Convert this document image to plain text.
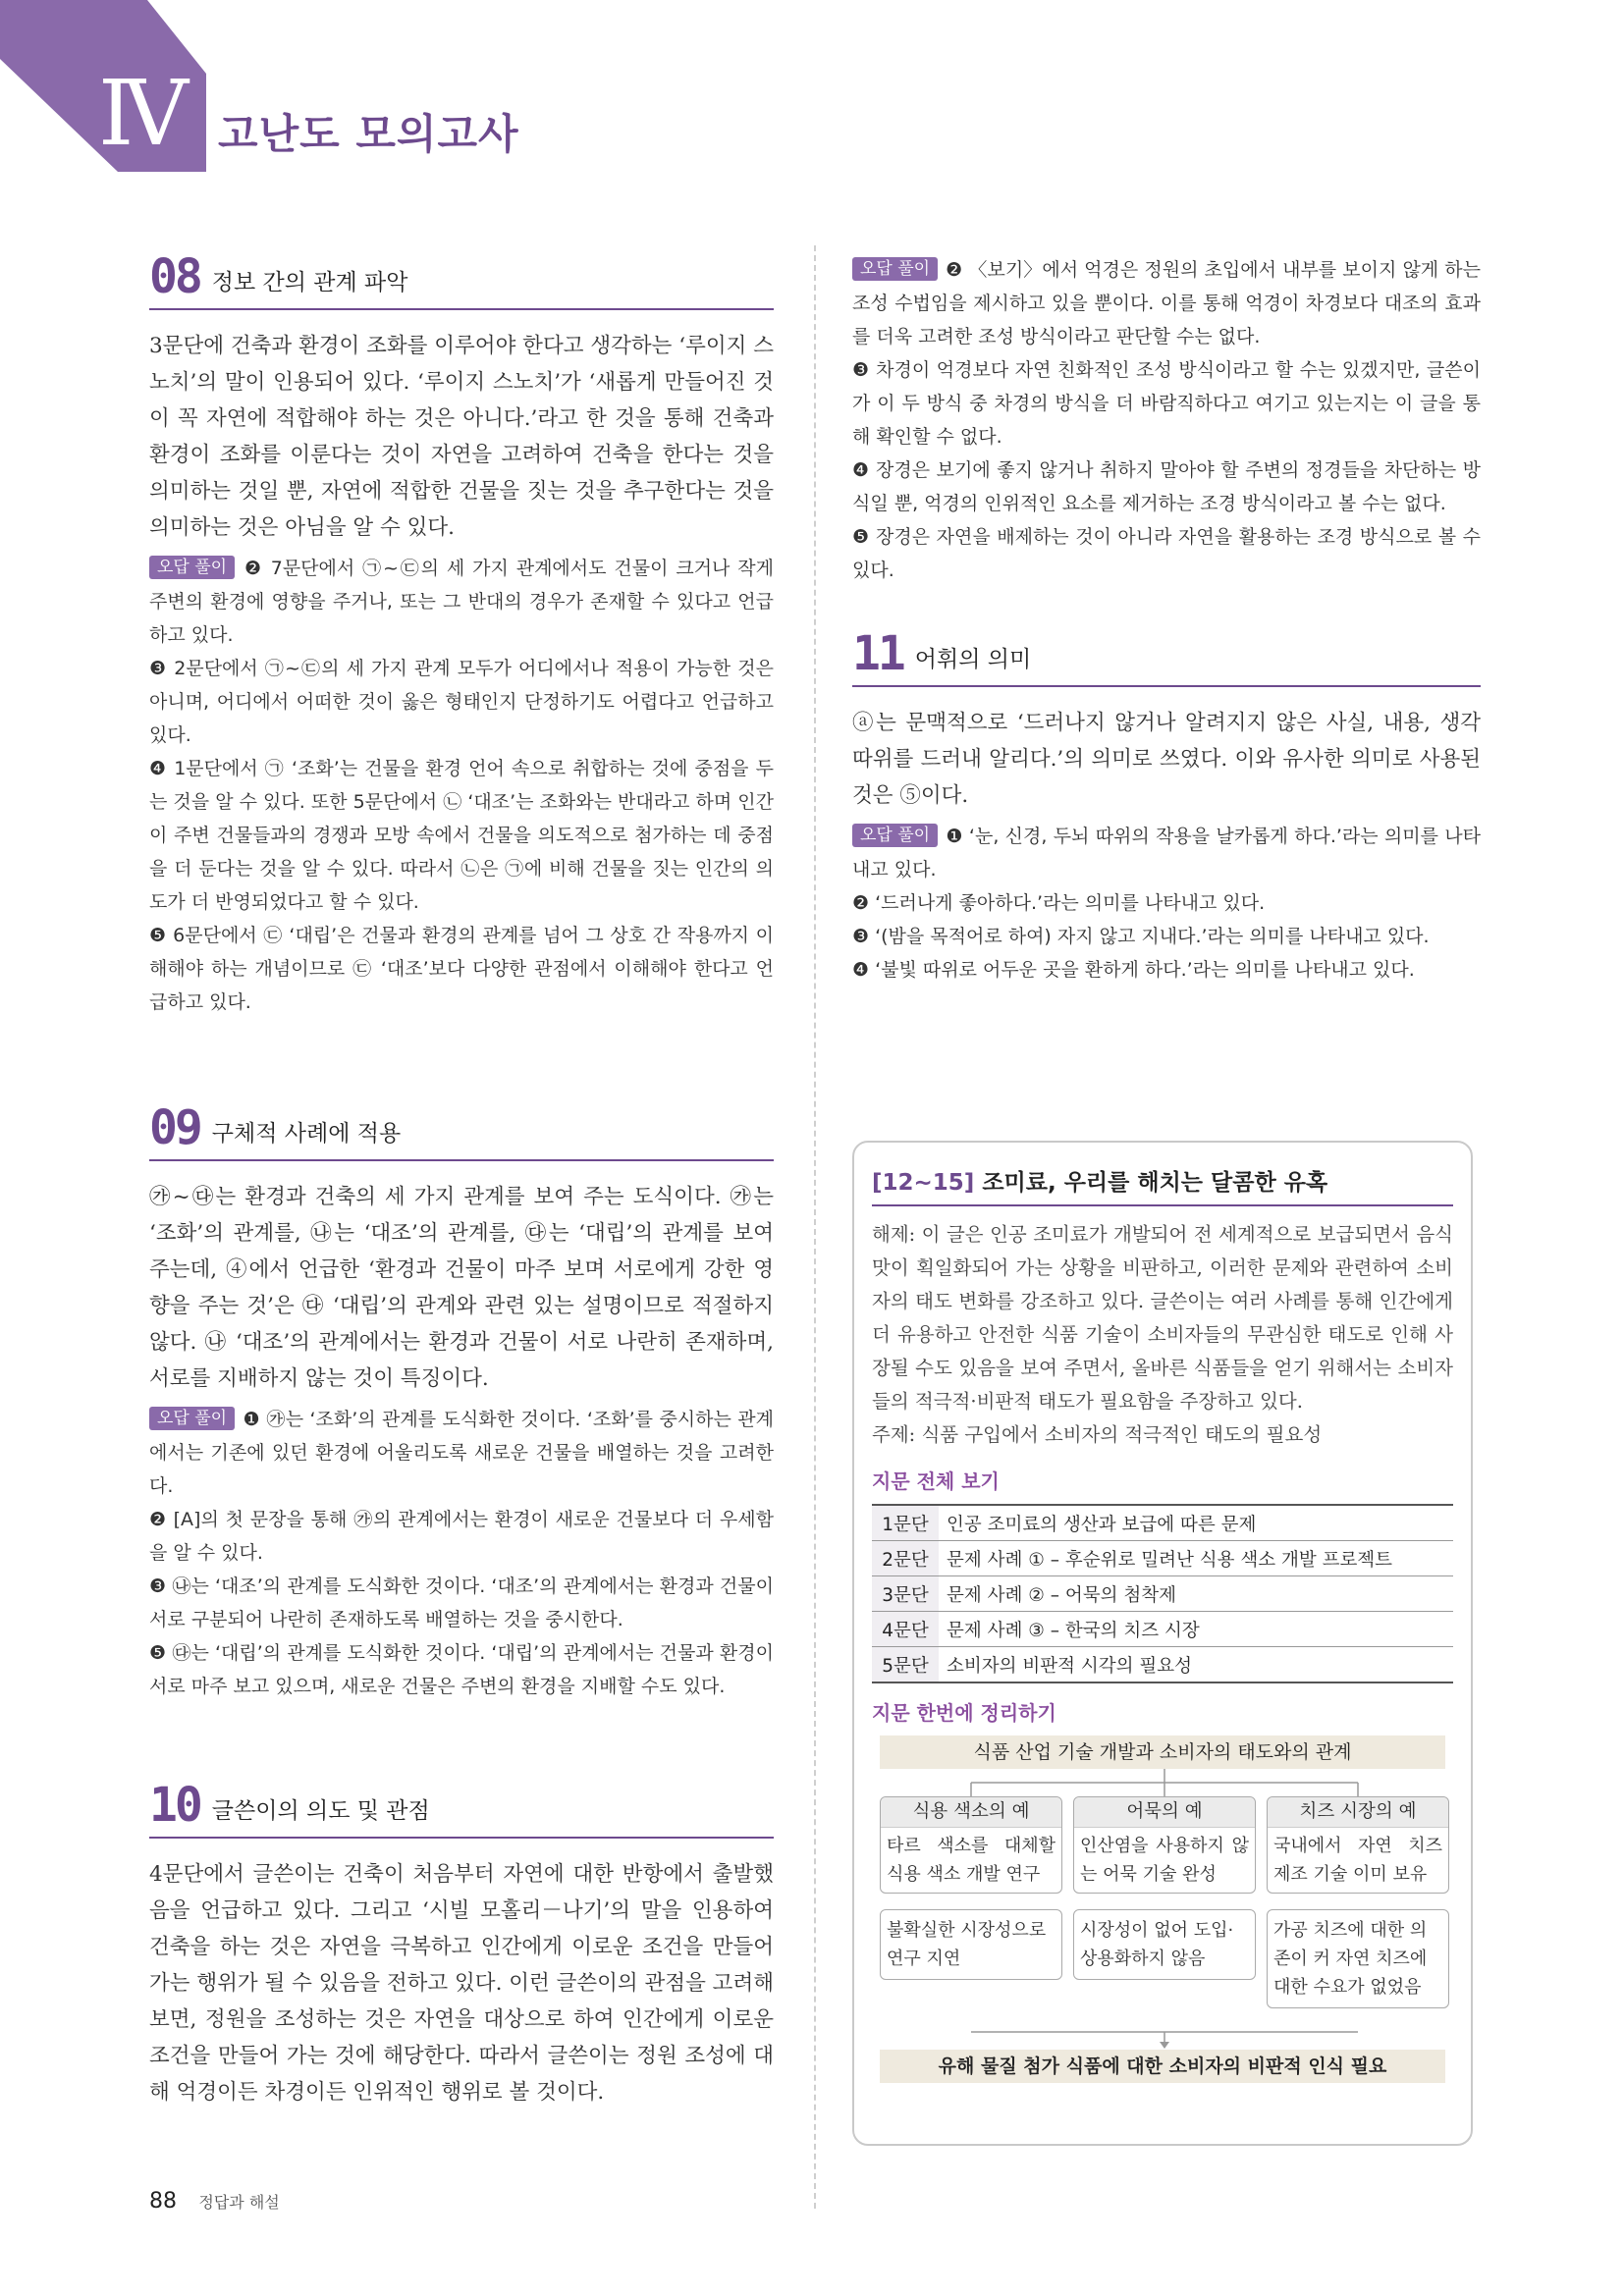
Ⅳ 고난도 모의고사
08 정보 간의 관계 파악

3문단에 건축과 환경이 조화를 이루어야 한다고 생각하는 ‘루이지 스노치’의 말이 인용되어 있다. ‘루이지 스노치’가 ‘새롭게 만들어진 것이 꼭 자연에 적합해야 하는 것은 아니다.’라고 한 것을 통해 건축과 환경이 조화를 이룬다는 것이 자연을 고려하여 건축을 한다는 것을 의미하는 것일 뿐, 자연에 적합한 건물을 짓는 것을 추구한다는 것을 의미하는 것은 아님을 알 수 있다.

오답 풀이 ❷ 7문단에서 ㉠~㉢의 세 가지 관계에서도 건물이 크거나 작게 주변의 환경에 영향을 주거나, 또는 그 반대의 경우가 존재할 수 있다고 언급하고 있다.

❸ 2문단에서 ㉠~㉢의 세 가지 관계 모두가 어디에서나 적용이 가능한 것은 아니며, 어디에서 어떠한 것이 옳은 형태인지 단정하기도 어렵다고 언급하고 있다.

❹ 1문단에서 ㉠ ‘조화’는 건물을 환경 언어 속으로 취합하는 것에 중점을 두는 것을 알 수 있다. 또한 5문단에서 ㉡ ‘대조’는 조화와는 반대라고 하며 인간이 주변 건물들과의 경쟁과 모방 속에서 건물을 의도적으로 첨가하는 데 중점을 더 둔다는 것을 알 수 있다. 따라서 ㉡은 ㉠에 비해 건물을 짓는 인간의 의도가 더 반영되었다고 할 수 있다.

❺ 6문단에서 ㉢ ‘대립’은 건물과 환경의 관계를 넘어 그 상호 간 작용까지 이해해야 하는 개념이므로 ㉢ ‘대조’보다 다양한 관점에서 이해해야 한다고 언급하고 있다.

09 구체적 사례에 적용

㉮~㉰는 환경과 건축의 세 가지 관계를 보여 주는 도식이다. ㉮는 ‘조화’의 관계를, ㉯는 ‘대조’의 관계를, ㉰는 ‘대립’의 관계를 보여 주는데, ④에서 언급한 ‘환경과 건물이 마주 보며 서로에게 강한 영향을 주는 것’은 ㉰ ‘대립’의 관계와 관련 있는 설명이므로 적절하지 않다. ㉯ ‘대조’의 관계에서는 환경과 건물이 서로 나란히 존재하며, 서로를 지배하지 않는 것이 특징이다.

오답 풀이 ❶ ㉮는 ‘조화’의 관계를 도식화한 것이다. ‘조화’를 중시하는 관계에서는 기존에 있던 환경에 어울리도록 새로운 건물을 배열하는 것을 고려한다.

❷ [A]의 첫 문장을 통해 ㉮의 관계에서는 환경이 새로운 건물보다 더 우세함을 알 수 있다.

❸ ㉯는 ‘대조’의 관계를 도식화한 것이다. ‘대조’의 관계에서는 환경과 건물이 서로 구분되어 나란히 존재하도록 배열하는 것을 중시한다.

❺ ㉰는 ‘대립’의 관계를 도식화한 것이다. ‘대립’의 관계에서는 건물과 환경이 서로 마주 보고 있으며, 새로운 건물은 주변의 환경을 지배할 수도 있다.

10 글쓴이의 의도 및 관점

4문단에서 글쓴이는 건축이 처음부터 자연에 대한 반항에서 출발했음을 언급하고 있다. 그리고 ‘시빌 모홀리－나기’의 말을 인용하여 건축을 하는 것은 자연을 극복하고 인간에게 이로운 조건을 만들어 가는 행위가 될 수 있음을 전하고 있다. 이런 글쓴이의 관점을 고려해 보면, 정원을 조성하는 것은 자연을 대상으로 하여 인간에게 이로운 조건을 만들어 가는 것에 해당한다. 따라서 글쓴이는 정원 조성에 대해 억경이든 차경이든 인위적인 행위로 볼 것이다.

오답 풀이 ❷ 〈보기〉에서 억경은 정원의 초입에서 내부를 보이지 않게 하는 조성 수법임을 제시하고 있을 뿐이다. 이를 통해 억경이 차경보다 대조의 효과를 더욱 고려한 조성 방식이라고 판단할 수는 없다.

❸ 차경이 억경보다 자연 친화적인 조성 방식이라고 할 수는 있겠지만, 글쓴이가 이 두 방식 중 차경의 방식을 더 바람직하다고 여기고 있는지는 이 글을 통해 확인할 수 없다.

❹ 장경은 보기에 좋지 않거나 취하지 말아야 할 주변의 정경들을 차단하는 방식일 뿐, 억경의 인위적인 요소를 제거하는 조경 방식이라고 볼 수는 없다.

❺ 장경은 자연을 배제하는 것이 아니라 자연을 활용하는 조경 방식으로 볼 수 있다.

11 어휘의 의미

ⓐ는 문맥적으로 ‘드러나지 않거나 알려지지 않은 사실, 내용, 생각 따위를 드러내 알리다.’의 의미로 쓰였다. 이와 유사한 의미로 사용된 것은 ⑤이다.

오답 풀이 ❶ ‘눈, 신경, 두뇌 따위의 작용을 날카롭게 하다.’라는 의미를 나타내고 있다.

❷ ‘드러나게 좋아하다.’라는 의미를 나타내고 있다.

❸ ‘(밤을 목적어로 하여) 자지 않고 지내다.’라는 의미를 나타내고 있다.

❹ ‘불빛 따위로 어두운 곳을 환하게 하다.’라는 의미를 나타내고 있다.

[12~15] 조미료, 우리를 해치는 달콤한 유혹

해제: 이 글은 인공 조미료가 개발되어 전 세계적으로 보급되면서 음식 맛이 획일화되어 가는 상황을 비판하고, 이러한 문제와 관련하여 소비자의 태도 변화를 강조하고 있다. 글쓴이는 여러 사례를 통해 인간에게 더 유용하고 안전한 식품 기술이 소비자들의 무관심한 태도로 인해 사장될 수도 있음을 보여 주면서, 올바른 식품들을 얻기 위해서는 소비자들의 적극적·비판적 태도가 필요함을 주장하고 있다.

주제: 식품 구입에서 소비자의 적극적인 태도의 필요성

지문 전체 보기
1문단	인공 조미료의 생산과 보급에 따른 문제
2문단	문제 사례 ① – 후순위로 밀려난 식용 색소 개발 프로젝트
3문단	문제 사례 ② – 어묵의 첨착제
4문단	문제 사례 ③ – 한국의 치즈 시장
5문단	소비자의 비판적 시각의 필요성
지문 한번에 정리하기
식품 산업 기술 개발과 소비자의 태도와의 관계
식용 색소의 예
타르 색소를 대체할 식용 색소 개발 연구
불확실한 시장성으로 연구 지연
어묵의 예
인산염을 사용하지 않는 어묵 기술 완성
시장성이 없어 도입·상용화하지 않음
치즈 시장의 예
국내에서 자연 치즈 제조 기술 이미 보유
가공 치즈에 대한 의존이 커 자연 치즈에 대한 수요가 없었음
유해 물질 첨가 식품에 대한 소비자의 비판적 인식 필요
88 정답과 해설
